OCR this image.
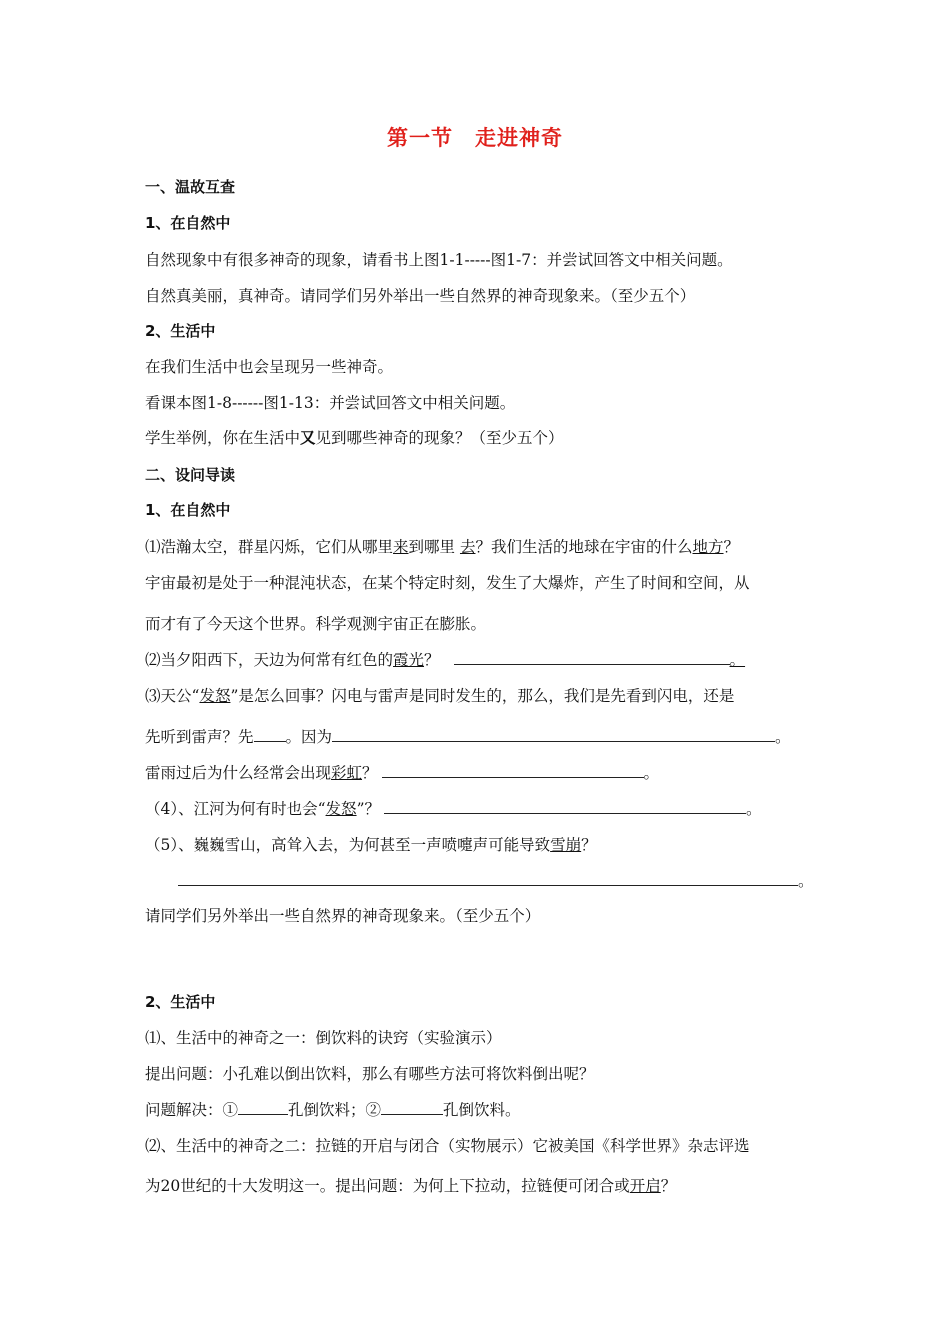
第一节　走进神奇
一、温故互查
1、在自然中
自然现象中有很多神奇的现象，请看书上图1-1-----图1-7：并尝试回答文中相关问题。
自然真美丽，真神奇。请同学们另外举出一些自然界的神奇现象来。（至少五个）
2、生活中
在我们生活中也会呈现另一些神奇。
看课本图1-8------图1-13：并尝试回答文中相关问题。
学生举例，你在生活中又见到哪些神奇的现象？（至少五个）
二、设问导读
1、在自然中
⑴浩瀚太空，群星闪烁，它们从哪里来到哪里 去？我们生活的地球在宇宙的什么地方？
宇宙最初是处于一种混沌状态，在某个特定时刻，发生了大爆炸，产生了时间和空间，从
而才有了今天这个世界。科学观测宇宙正在膨胀。
⑵当夕阳西下，天边为何常有红色的霞光？	。
⑶天公“发怒”是怎么回事？闪电与雷声是同时发生的，那么，我们是先看到闪电，还是
先听到雷声？先 。因为	。
雷雨过后为什么经常会出现彩虹？	。
（4）、江河为何有时也会“发怒”？	。
（5）、巍巍雪山，高耸入去，为何甚至一声喷嚏声可能导致雪崩？
。
请同学们另外举出一些自然界的神奇现象来。（至少五个）
2、生活中
⑴、生活中的神奇之一：倒饮料的诀窍（实验演示）
提出问题：小孔难以倒出饮料，那么有哪些方法可将饮料倒出呢？
问题解决：①	孔倒饮料；②	孔倒饮料。
⑵、生活中的神奇之二：拉链的开启与闭合（实物展示）它被美国《科学世界》杂志评选
为20世纪的十大发明这一。提出问题：为何上下拉动，拉链便可闭合或开启？
